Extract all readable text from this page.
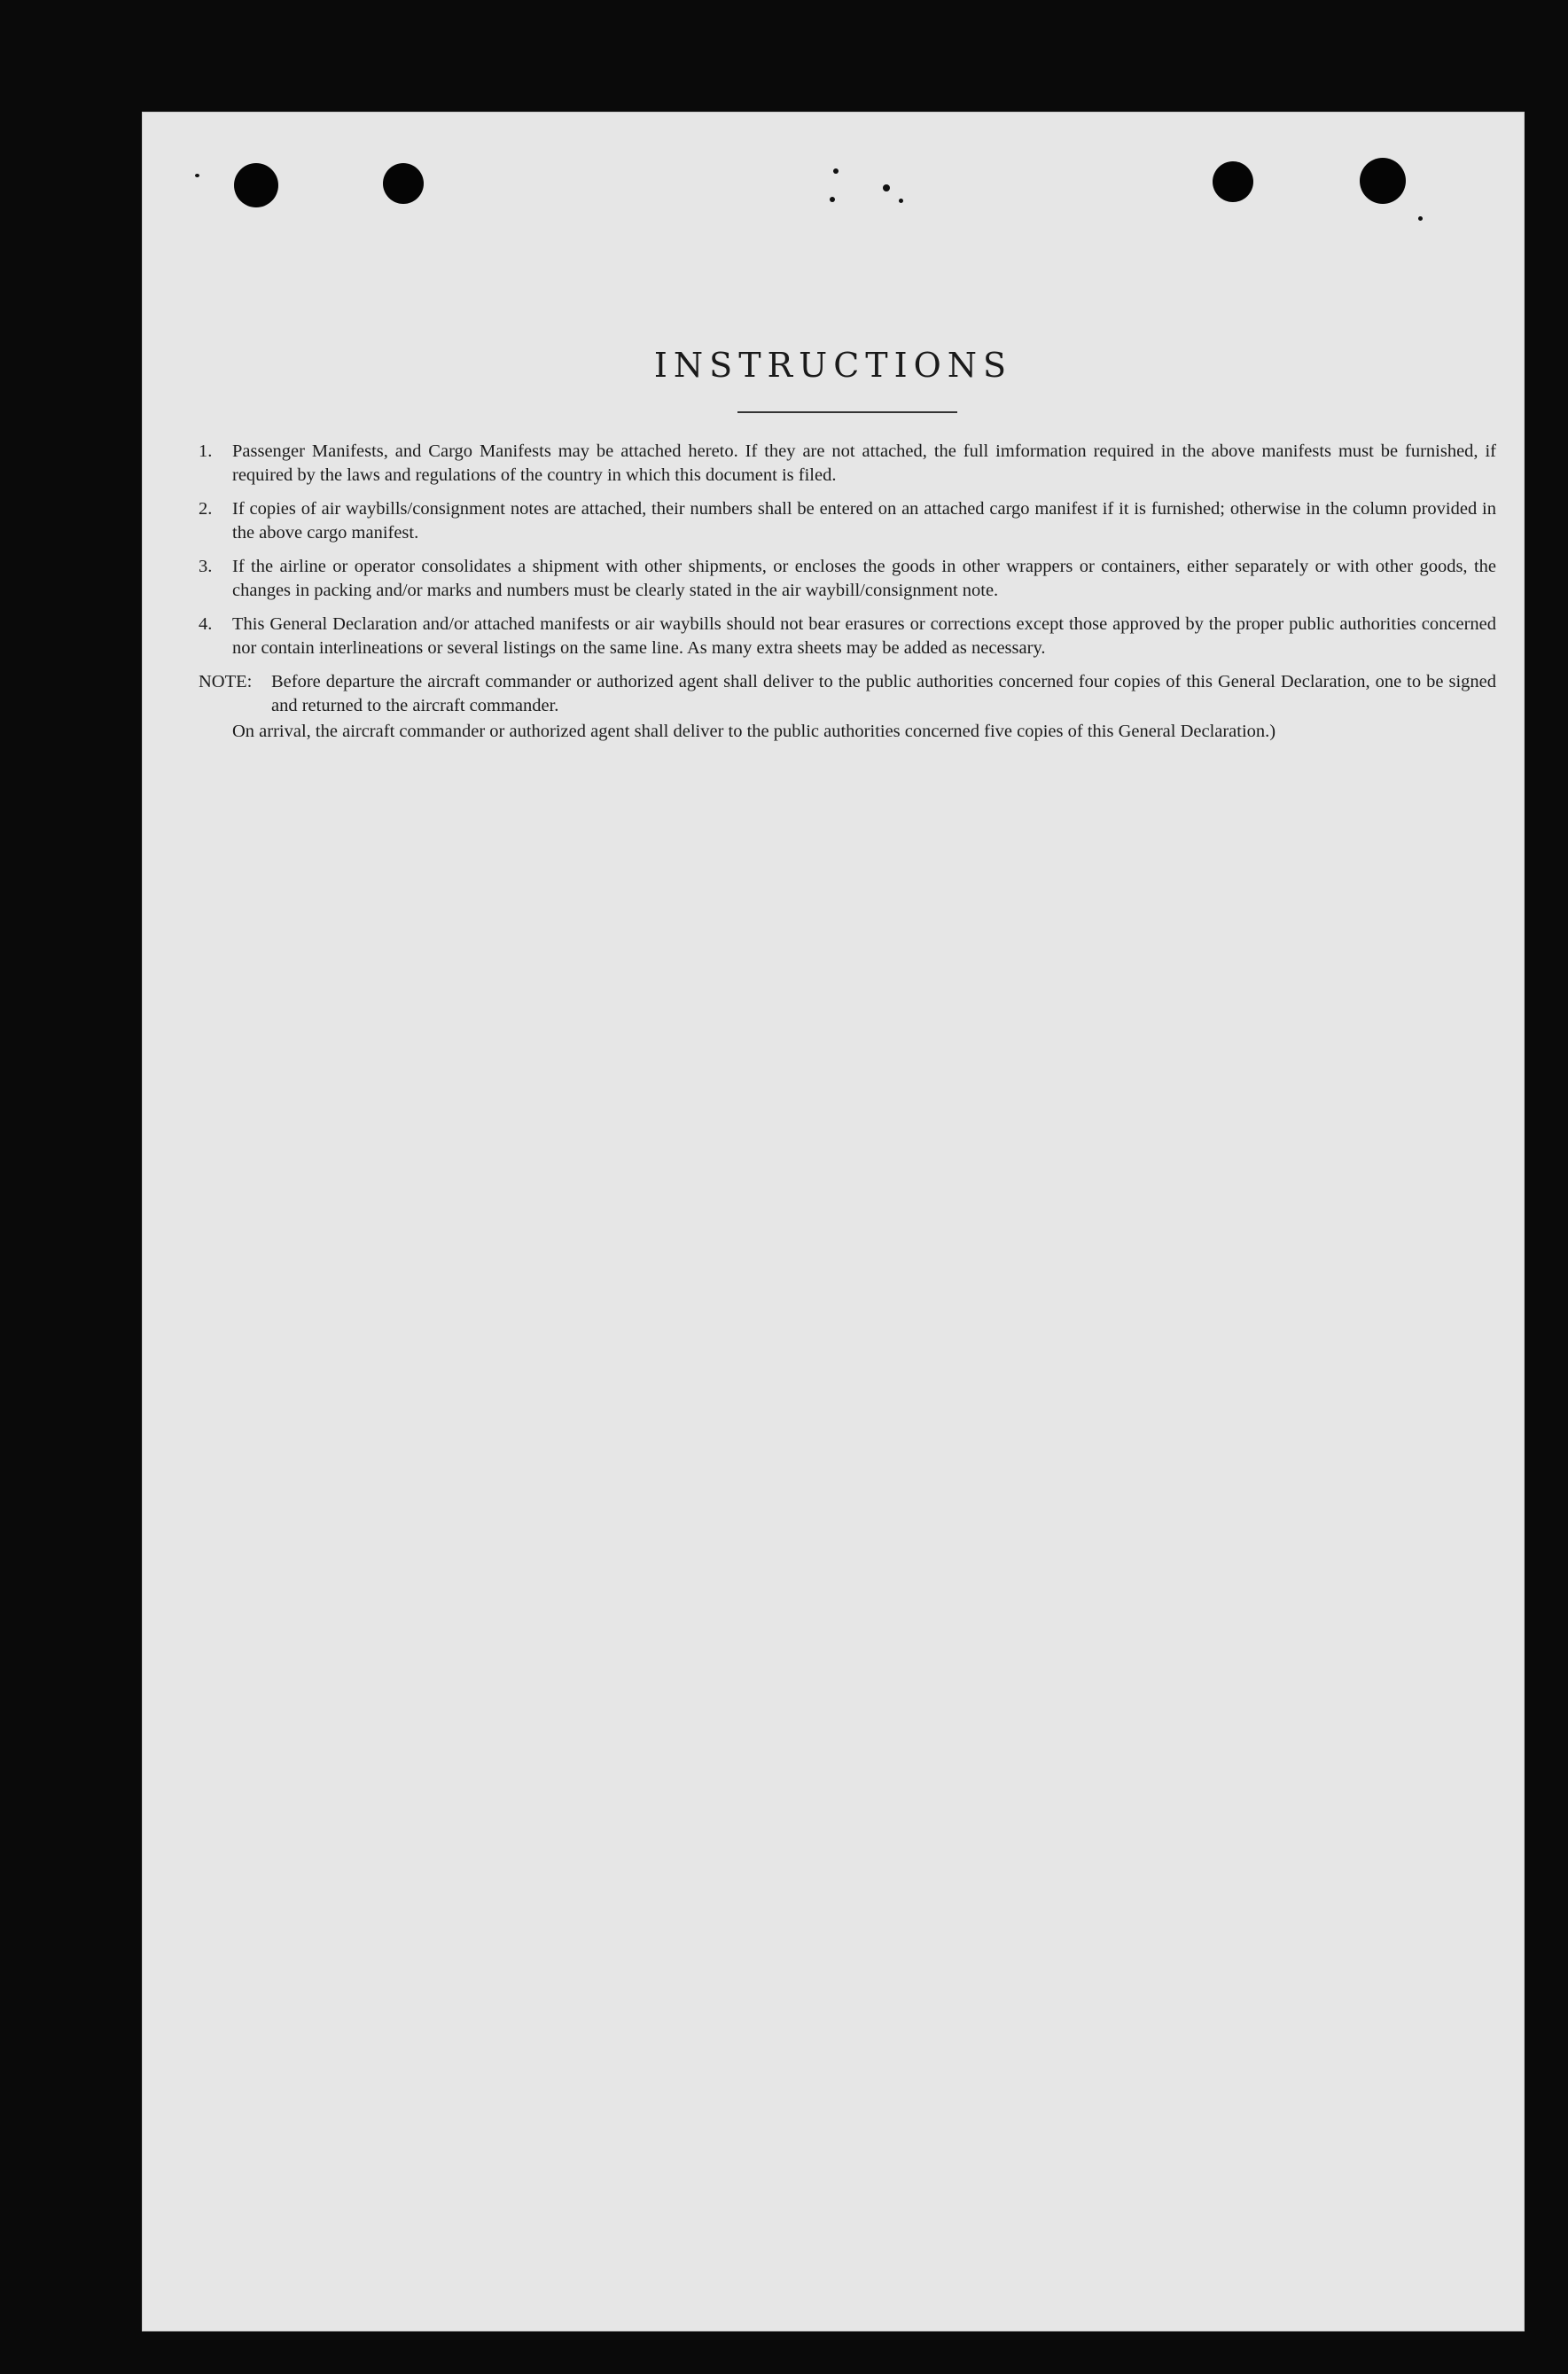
INSTRUCTIONS
1.	Passenger Manifests, and Cargo Manifests may be attached hereto. If they are not attached, the full imformation required in the above manifests must be furnished, if required by the laws and regulations of the country in which this document is filed.
2.	If copies of air waybills/consignment notes are attached, their numbers shall be entered on an attached cargo manifest if it is furnished; otherwise in the column provided in the above cargo manifest.
3.	If the airline or operator consolidates a shipment with other shipments, or encloses the goods in other wrappers or containers, either separately or with other goods, the changes in packing and/or marks and numbers must be clearly stated in the air waybill/consignment note.
4.	This General Declaration and/or attached manifests or air waybills should not bear erasures or corrections except those approved by the proper public authorities concerned nor contain interlineations or several listings on the same line. As many extra sheets may be added as necessary.
NOTE:	Before departure the aircraft commander or authorized agent shall deliver to the public authorities concerned four copies of this General Declaration, one to be signed and returned to the aircraft commander.
On arrival, the aircraft commander or authorized agent shall deliver to the public authorities concerned five copies of this General Declaration.)
